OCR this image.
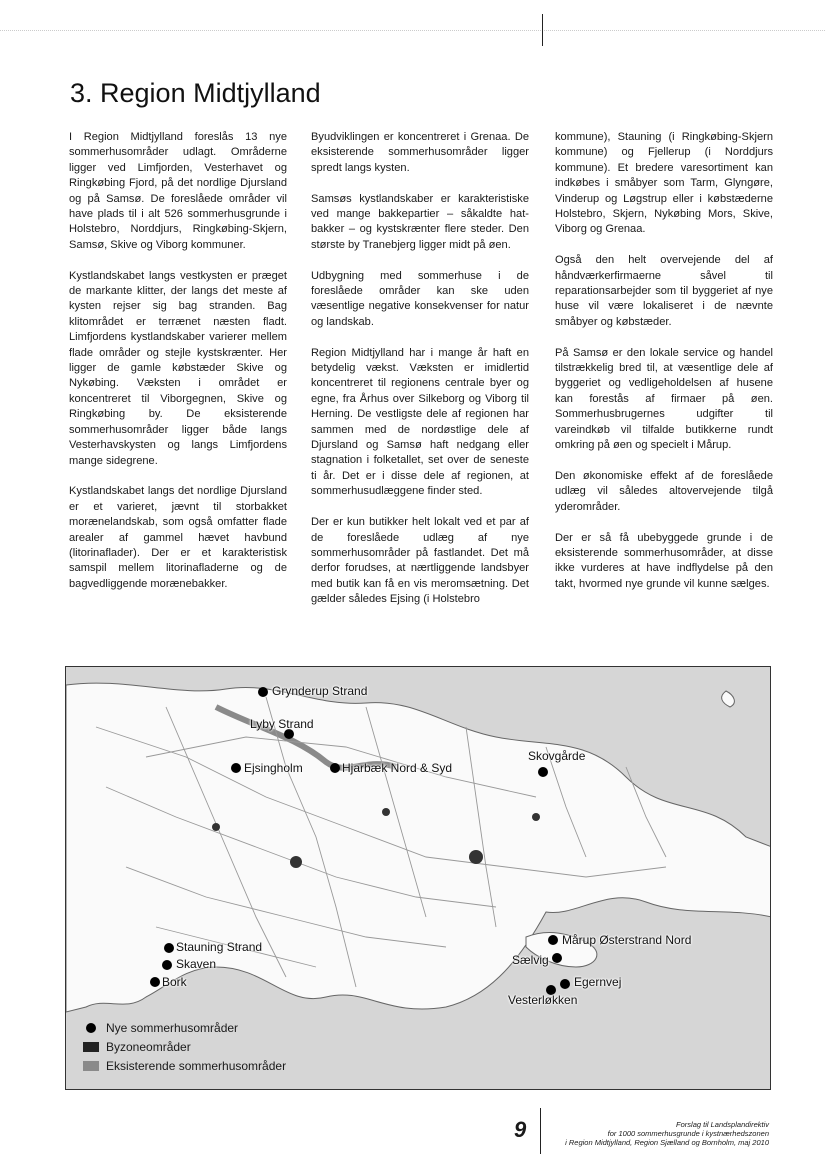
3. Region Midtjylland

I Region Midtjylland foreslås 13 nye sommerhusområder udlagt. Områderne ligger ved Limfjorden, Vesterhavet og Ringkøbing Fjord, på det nordlige Djursland og på Samsø. De foreslåede områder vil have plads til i alt 526 sommerhusgrunde i Holstebro, Norddjurs, Ringkøbing-Skjern, Samsø, Skive og Viborg kommuner.

Kystlandskabet langs vestkysten er præget de markante klitter, der langs det meste af kysten rejser sig bag stranden. Bag klitområdet er terrænet næsten fladt. Limfjordens kystlandskaber varierer mellem flade områder og stejle kystskrænter. Her ligger de gamle købstæder Skive og Nykøbing. Væksten i området er koncentreret til Viborgegnen, Skive og Ringkøbing by. De eksisterende sommerhusområder ligger både langs Vesterhavskysten og langs Limfjordens mange sidegrene.

Kystlandskabet langs det nordlige Djursland er et varieret, jævnt til storbakket morænelandskab, som også omfatter flade arealer af gammel hævet havbund (litorinaflader). Der er et karakteristisk samspil mellem litorinafladerne og de bagvedliggende morænebakker.

Byudviklingen er koncentreret i Grenaa. De eksisterende sommerhusområder ligger spredt langs kysten.

Samsøs kystlandskaber er karakteristiske ved mange bakkepartier – såkaldte hat-bakker – og kystskrænter flere steder. Den største by Tranebjerg ligger midt på øen.

Udbygning med sommerhuse i de foreslåede områder kan ske uden væsentlige negative konsekvenser for natur og landskab.

Region Midtjylland har i mange år haft en betydelig vækst. Væksten er imidlertid koncentreret til regionens centrale byer og egne, fra Århus over Silkeborg og Viborg til Herning. De vestligste dele af regionen har sammen med de nordøstlige dele af Djursland og Samsø haft nedgang eller stagnation i folketallet, set over de seneste ti år. Det er i disse dele af regionen, at sommerhusudlæggene finder sted.

Der er kun butikker helt lokalt ved et par af de foreslåede udlæg af nye sommerhusområder på fastlandet. Det må derfor forudses, at nærtliggende landsbyer med butik kan få en vis meromsætning. Det gælder således Ejsing (i Holstebro

kommune), Stauning (i Ringkøbing-Skjern kommune) og Fjellerup (i Norddjurs kommune). Et bredere varesortiment kan indkøbes i småbyer som Tarm, Glyngøre, Vinderup og Løgstrup eller i købstæderne Holstebro, Skjern, Nykøbing Mors, Skive, Viborg og Grenaa.

Også den helt overvejende del af håndværkerfirmaerne såvel til reparationsarbejder som til byggeriet af nye huse vil være lokaliseret i de nævnte småbyer og købstæder.

På Samsø er den lokale service og handel tilstrækkelig bred til, at væsentlige dele af byggeriet og vedligeholdelsen af husene kan forestås af firmaer på øen. Sommerhusbrugernes udgifter til vareindkøb vil tilfalde butikkerne rundt omkring på øen og specielt i Mårup.

Den økonomiske effekt af de foreslåede udlæg vil således altovervejende tilgå yderområder.

Der er så få ubebyggede grunde i de eksisterende sommerhusområder, at disse ikke vurderes at have indflydelse på den takt, hvormed nye grunde vil kunne sælges.

Grynderup Strand
Lyby Strand
Ejsingholm	Hjarbæk Nord & Syd
Skovgårde
Stauning Strand
Skaven
Bork
Mårup Østerstrand Nord
Sælvig
Egernvej
Vesterløkken
Nye sommerhusområder
Byzoneområder
Eksisterende sommerhusområder
9	Forslag til Landsplandirektiv
for 1000 sommerhusgrunde i kystnærhedszonen
i Region Midtjylland, Region Sjælland og Bornholm, maj 2010
